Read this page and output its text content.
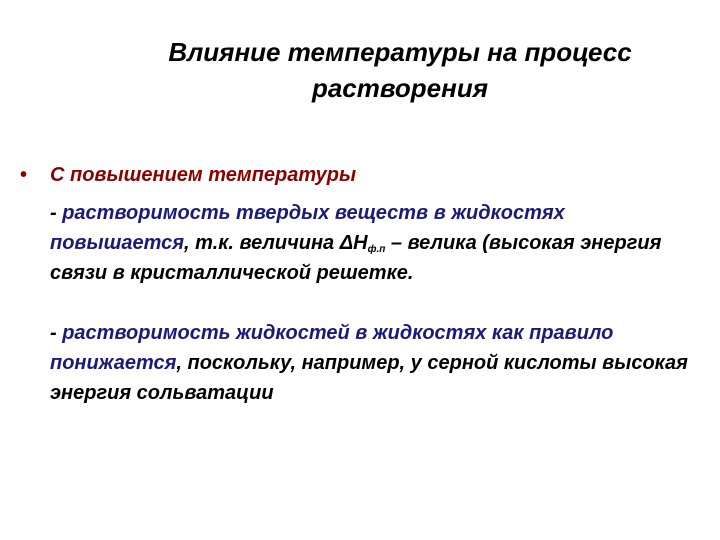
Влияние температуры на процесс
растворения
• С повышением температуры
- растворимость твердых веществ в жидкостях повышается, т.к. величина $\Delta Н_{ф.п}$ – велика (высокая энергия связи в кристаллической решетке.
- растворимость жидкостей в жидкостях как правило понижается, поскольку, например, у серной кислоты высокая энергия сольватации
